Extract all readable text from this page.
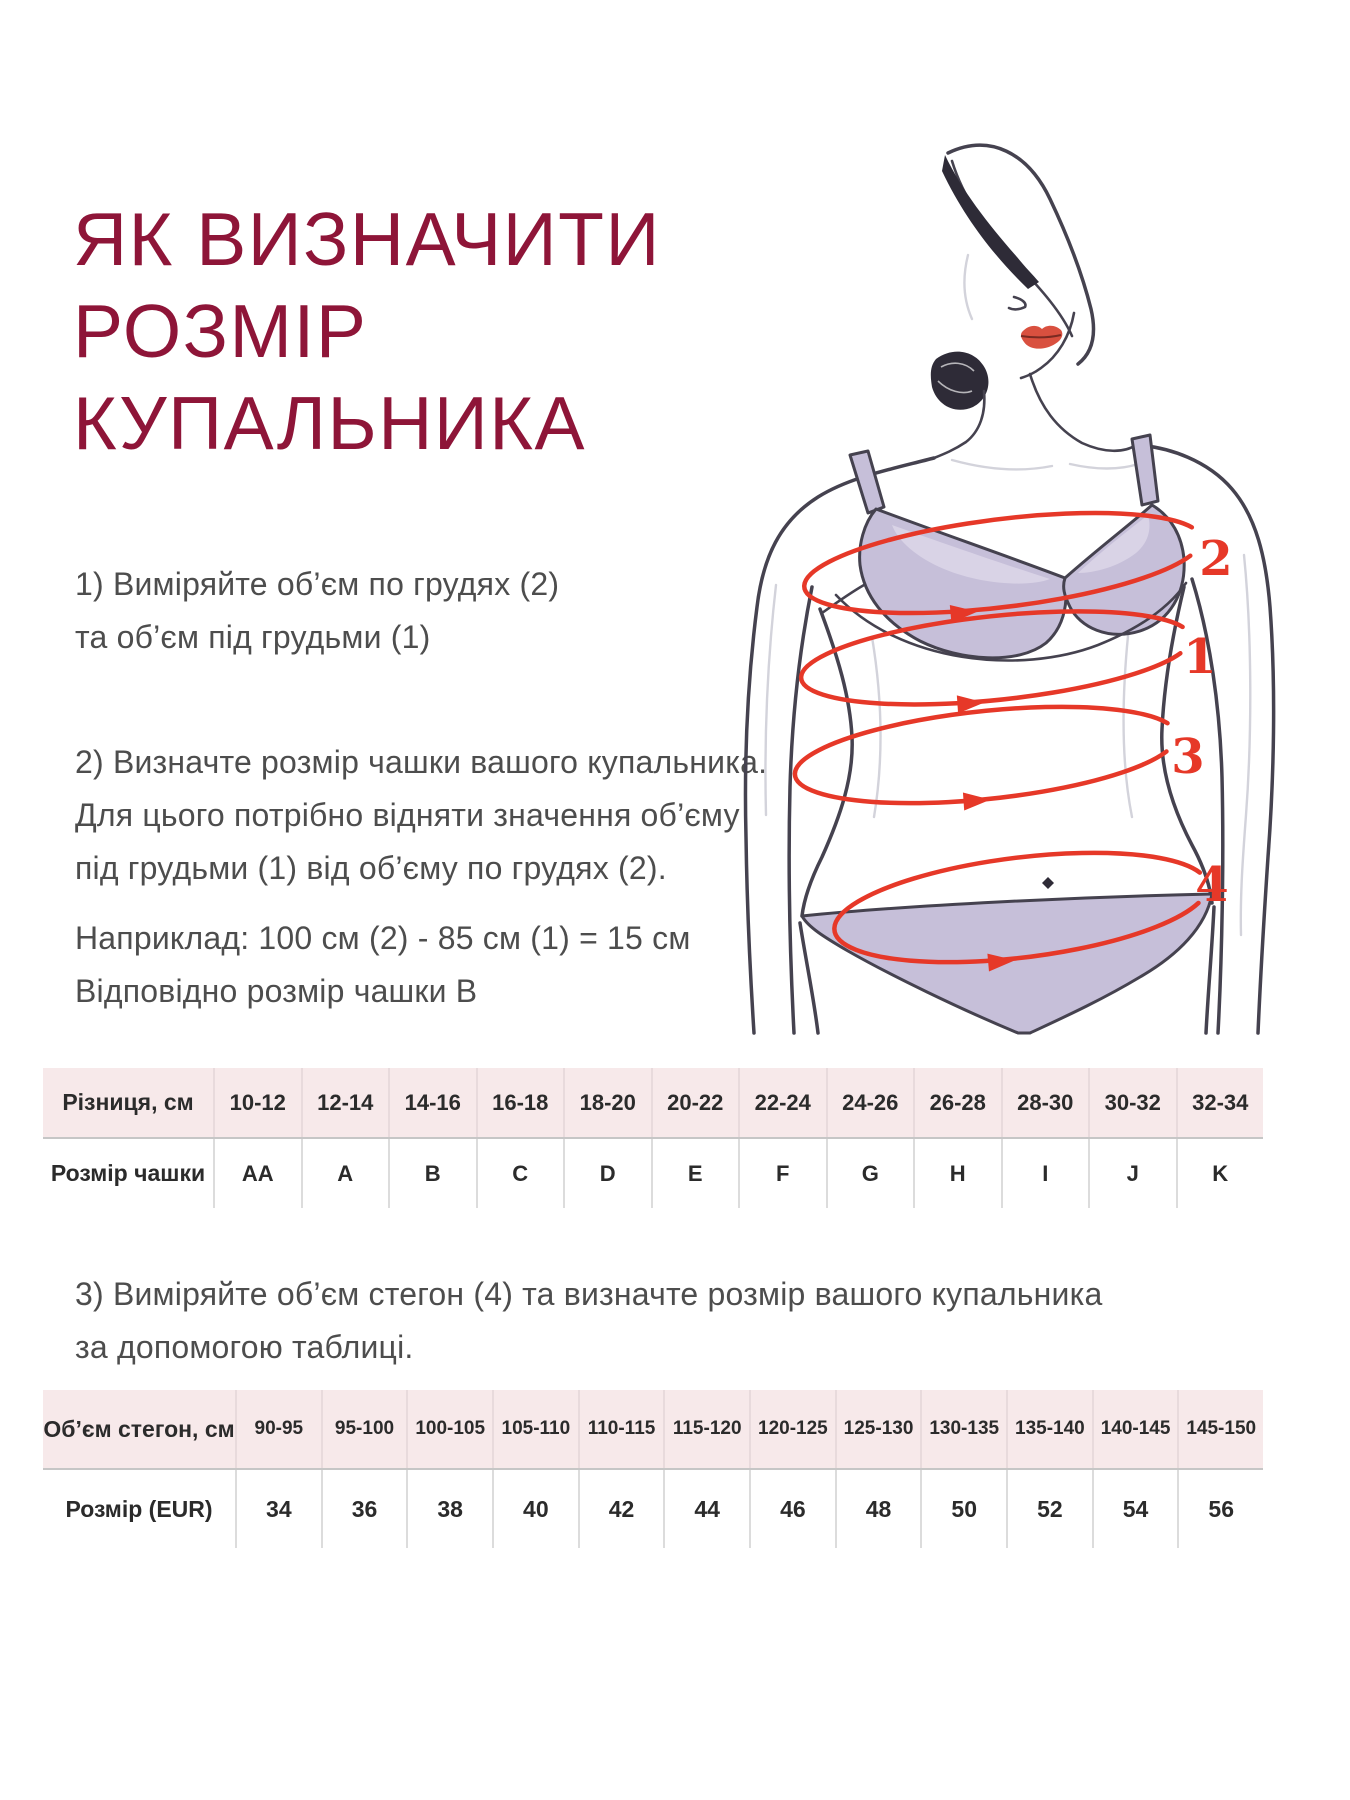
ЯК ВИЗНАЧИТИ
РОЗМІР
КУПАЛЬНИКА
1) Виміряйте об’єм по грудях (2)
та об’єм під грудьми (1)
2) Визначте розмір чашки вашого купальника.
Для цього потрібно відняти значення об’єму
під грудьми (1) від об’єму по грудях (2).
Наприклад: 100 см (2) - 85 см (1) = 15 см
Відповідно розмір чашки B
2
1
3
4
Різниця, см	10-12	12-14	14-16	16-18	18-20	20-22	22-24	24-26	26-28	28-30	30-32	32-34
Розмір чашки	AA	A	B	C	D	E	F	G	H	I	J	K
3) Виміряйте об’єм стегон (4) та визначте розмір вашого купальника
за допомогою таблиці.
Об’єм стегон, см	90-95	95-100	100-105 105-110 110-115 115-120 120-125 125-130 130-135 135-140 140-145 145-150
Розмір (EUR)	34	36	38	40	42	44	46	48	50	52	54	56
